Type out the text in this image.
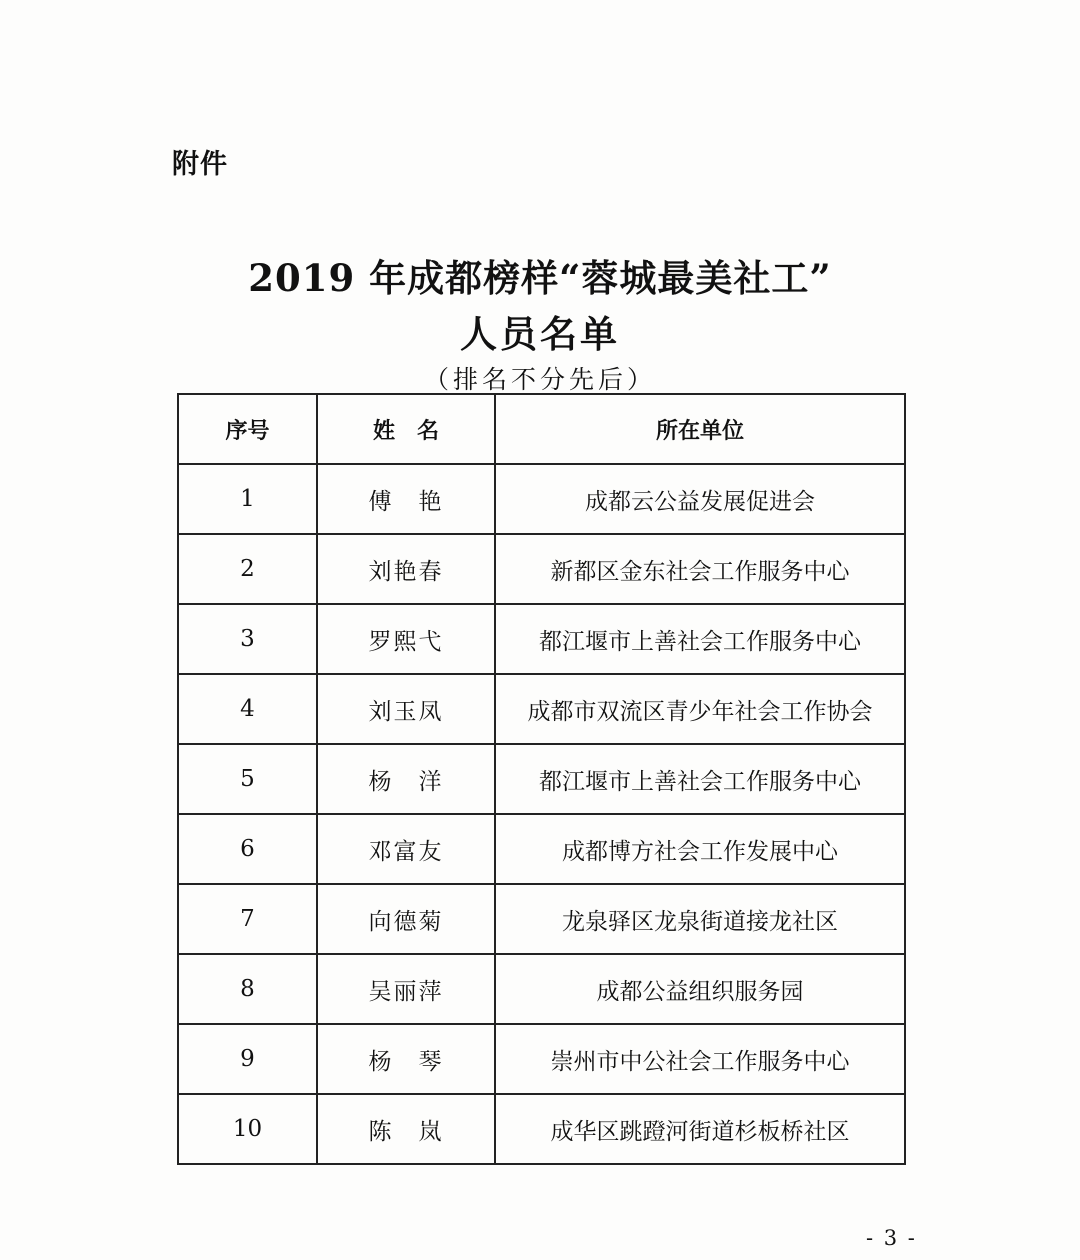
附件
2019 年成都榜样“蓉城最美社工”
人员名单
（排名不分先后）
序号	姓　名	所在单位
1	傅　艳	成都云公益发展促进会
2	刘艳春	新都区金东社会工作服务中心
3	罗熙弋	都江堰市上善社会工作服务中心
4	刘玉凤	成都市双流区青少年社会工作协会
5	杨　洋	都江堰市上善社会工作服务中心
6	邓富友	成都博方社会工作发展中心
7	向德菊	龙泉驿区龙泉街道接龙社区
8	吴丽萍	成都公益组织服务园
9	杨　琴	崇州市中公社会工作服务中心
10	陈　岚	成华区跳蹬河街道杉板桥社区
- 3 -
